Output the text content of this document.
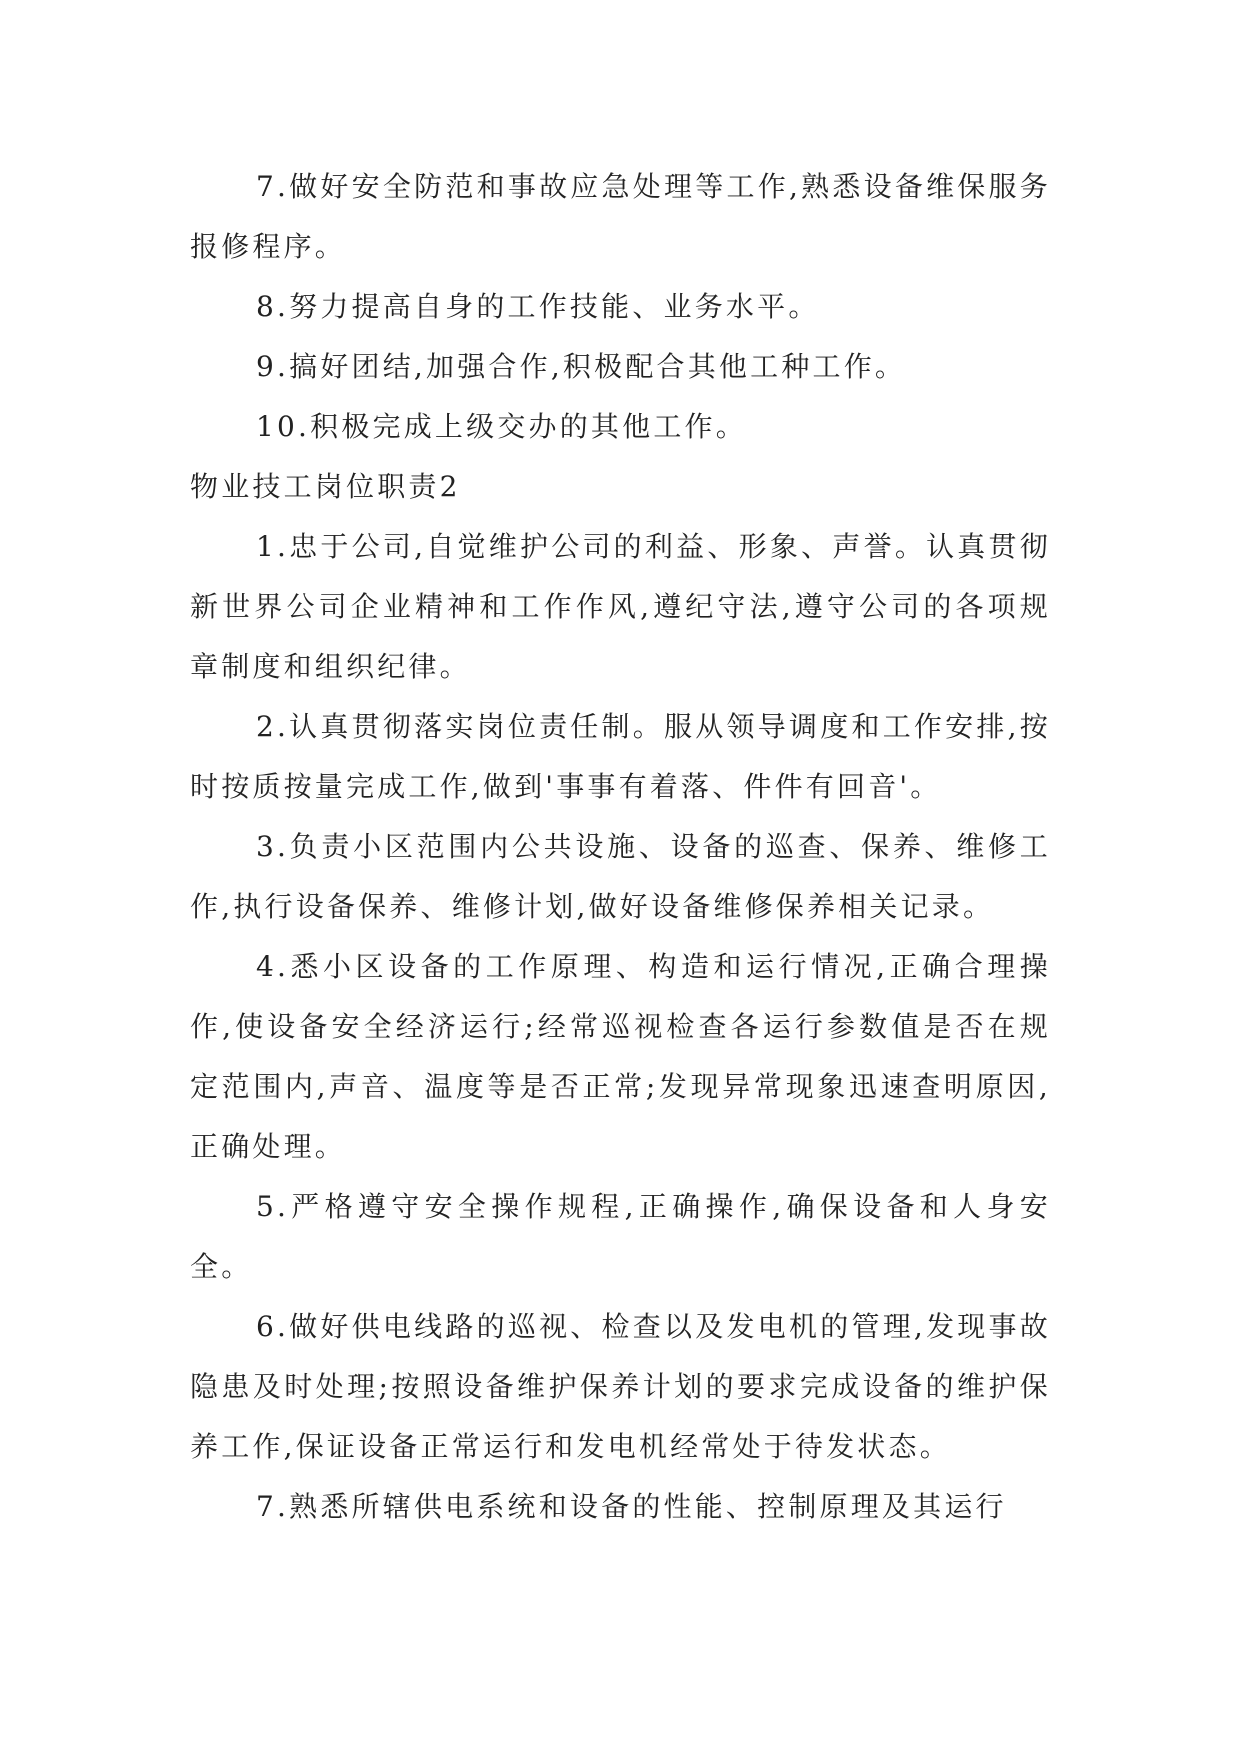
7.做好安全防范和事故应急处理等工作,熟悉设备维保服务报修程序。

8.努力提高自身的工作技能、业务水平。

9.搞好团结,加强合作,积极配合其他工种工作。

10.积极完成上级交办的其他工作。

物业技工岗位职责2

1.忠于公司,自觉维护公司的利益、形象、声誉。认真贯彻新世界公司企业精神和工作作风,遵纪守法,遵守公司的各项规章制度和组织纪律。

2.认真贯彻落实岗位责任制。服从领导调度和工作安排,按时按质按量完成工作,做到'事事有着落、件件有回音'。

3.负责小区范围内公共设施、设备的巡查、保养、维修工作,执行设备保养、维修计划,做好设备维修保养相关记录。

4.悉小区设备的工作原理、构造和运行情况,正确合理操作,使设备安全经济运行;经常巡视检查各运行参数值是否在规定范围内,声音、温度等是否正常;发现异常现象迅速查明原因,正确处理。

5.严格遵守安全操作规程,正确操作,确保设备和人身安全。

6.做好供电线路的巡视、检查以及发电机的管理,发现事故隐患及时处理;按照设备维护保养计划的要求完成设备的维护保养工作,保证设备正常运行和发电机经常处于待发状态。

7.熟悉所辖供电系统和设备的性能、控制原理及其运行
